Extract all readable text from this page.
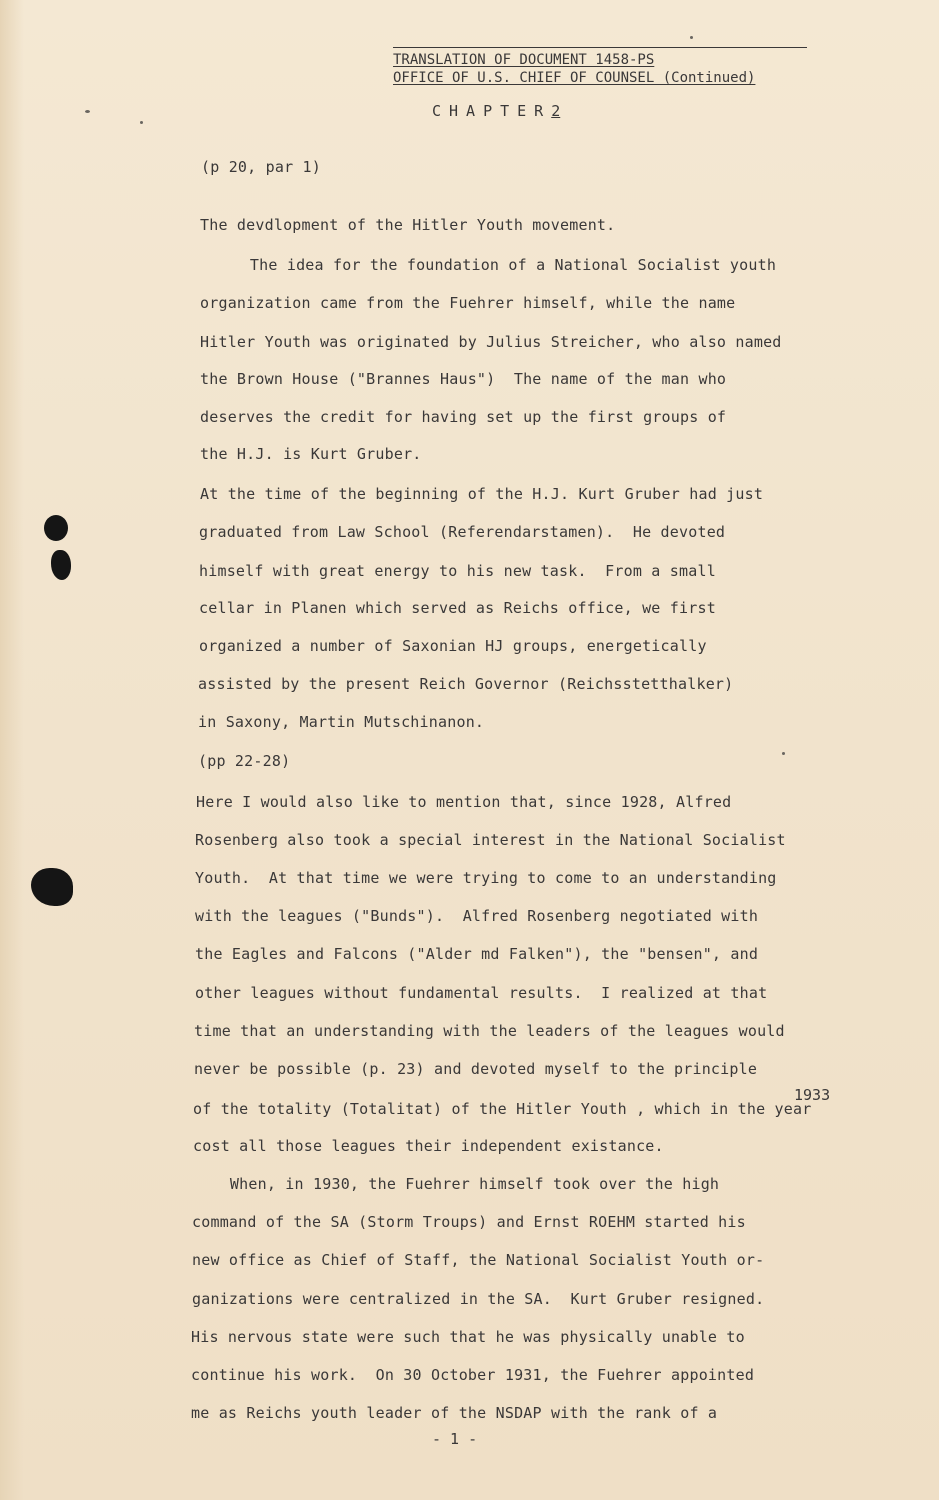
TRANSLATION OF DOCUMENT 1458-PS
OFFICE OF U.S. CHIEF OF COUNSEL (Continued)
CHAPTER2
(p 20, par 1)
The devdlopment of the Hitler Youth movement.
The idea for the foundation of a National Socialist youth
organization came from the Fuehrer himself, while the name
Hitler Youth was originated by Julius Streicher, who also named
the Brown House ("Brannes Haus")  The name of the man who
deserves the credit for having set up the first groups of
the H.J. is Kurt Gruber.
At the time of the beginning of the H.J. Kurt Gruber had just
graduated from Law School (Referendarstamen).  He devoted
himself with great energy to his new task.  From a small
cellar in Planen which served as Reichs office, we first
organized a number of Saxonian HJ groups, energetically
assisted by the present Reich Governor (Reichsstetthalker)
in Saxony, Martin Mutschinanon.
(pp 22-28)
Here I would also like to mention that, since 1928, Alfred
Rosenberg also took a special interest in the National Socialist
Youth.  At that time we were trying to come to an understanding
with the leagues ("Bunds").  Alfred Rosenberg negotiated with
the Eagles and Falcons ("Alder md Falken"), the "bensen", and
other leagues without fundamental results.  I realized at that
time that an understanding with the leaders of the leagues would
never be possible (p. 23) and devoted myself to the principle
of the totality (Totalitat) of the Hitler Youth , which in the year
cost all those leagues their independent existance.
When, in 1930, the Fuehrer himself took over the high
command of the SA (Storm Troups) and Ernst ROEHM started his
new office as Chief of Staff, the National Socialist Youth or-
ganizations were centralized in the SA.  Kurt Gruber resigned.
His nervous state were such that he was physically unable to
continue his work.  On 30 October 1931, the Fuehrer appointed
me as Reichs youth leader of the NSDAP with the rank of a
1933
- 1 -
